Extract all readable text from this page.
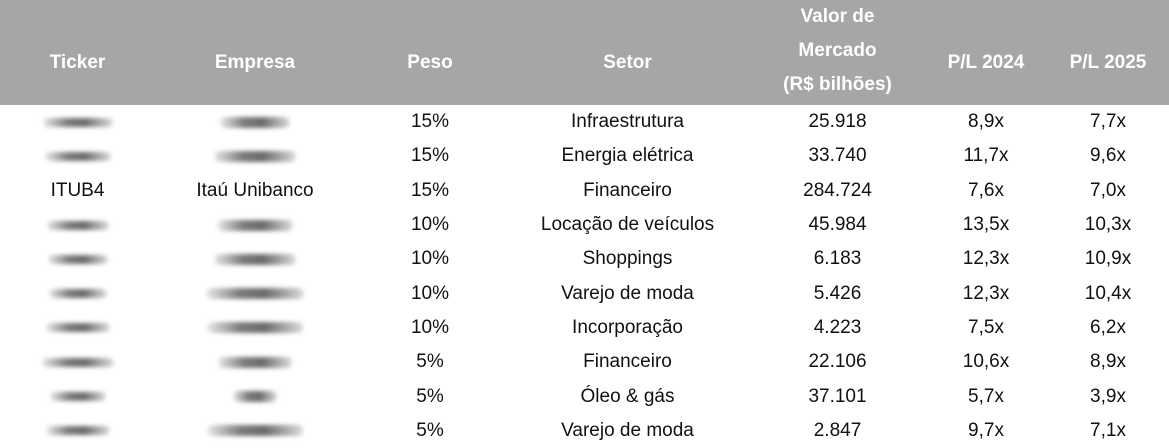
Ticker	Empresa	Peso	Setor	Valor de
Mercado
(R$ bilhões)	P/L 2024	P/L 2025
		15%	Infraestrutura	25.918	8,9x	7,7x
		15%	Energia elétrica	33.740	11,7x	9,6x
ITUB4	Itaú Unibanco	15%	Financeiro	284.724	7,6x	7,0x
		10%	Locação de veículos	45.984	13,5x	10,3x
		10%	Shoppings	6.183	12,3x	10,9x
		10%	Varejo de moda	5.426	12,3x	10,4x
		10%	Incorporação	4.223	7,5x	6,2x
		5%	Financeiro	22.106	10,6x	8,9x
		5%	Óleo & gás	37.101	5,7x	3,9x
		5%	Varejo de moda	2.847	9,7x	7,1x
